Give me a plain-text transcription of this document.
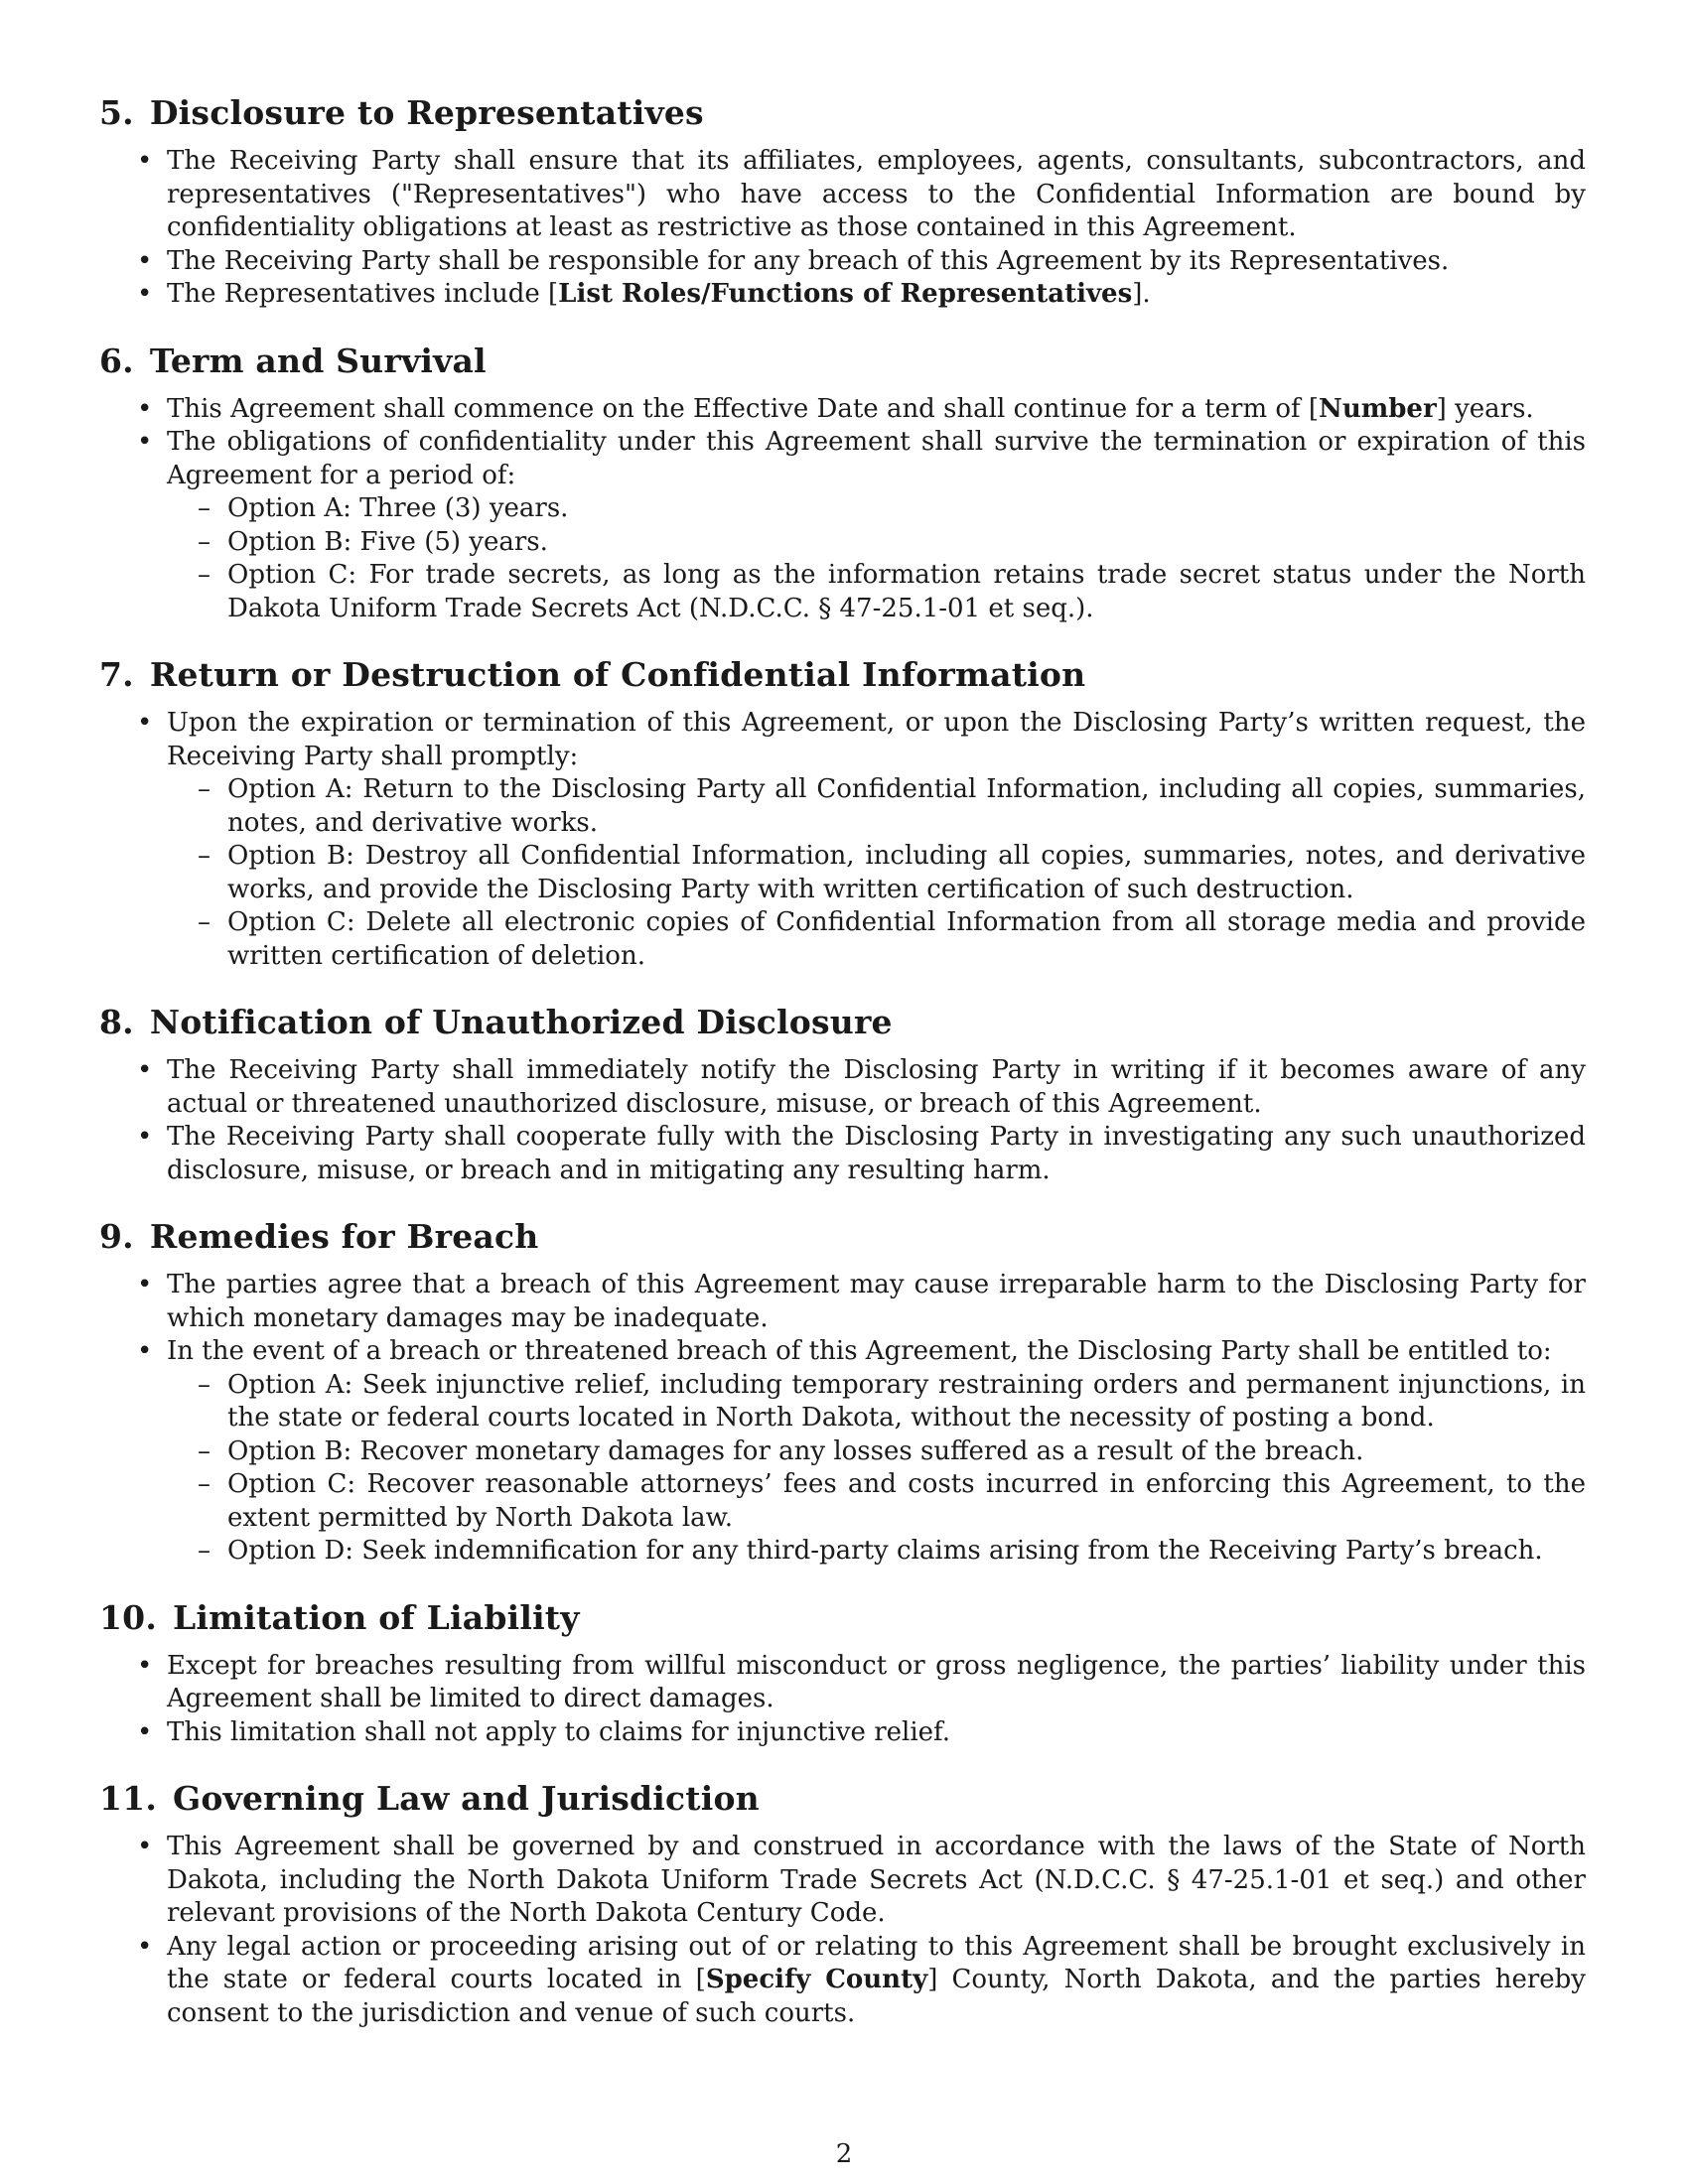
5. Disclosure to Representatives
• The Receiving Party shall ensure that its affiliates, employees, agents, consultants, subcontractors, and representatives ("Representatives") who have access to the Confidential Information are bound by confidentiality obligations at least as restrictive as those contained in this Agreement.
• The Receiving Party shall be responsible for any breach of this Agreement by its Representatives.
• The Representatives include [List Roles/Functions of Representatives].
6. Term and Survival
• This Agreement shall commence on the Effective Date and shall continue for a term of [Number] years.
• The obligations of confidentiality under this Agreement shall survive the termination or expiration of this Agreement for a period of:
– Option A: Three (3) years.
– Option B: Five (5) years.
– Option C: For trade secrets, as long as the information retains trade secret status under the North Dakota Uniform Trade Secrets Act (N.D.C.C. § 47-25.1-01 et seq.).
7. Return or Destruction of Confidential Information
• Upon the expiration or termination of this Agreement, or upon the Disclosing Party’s written request, the Receiving Party shall promptly:
– Option A: Return to the Disclosing Party all Confidential Information, including all copies, summaries, notes, and derivative works.
– Option B: Destroy all Confidential Information, including all copies, summaries, notes, and derivative works, and provide the Disclosing Party with written certification of such destruction.
– Option C: Delete all electronic copies of Confidential Information from all storage media and provide written certification of deletion.
8. Notification of Unauthorized Disclosure
• The Receiving Party shall immediately notify the Disclosing Party in writing if it becomes aware of any actual or threatened unauthorized disclosure, misuse, or breach of this Agreement.
• The Receiving Party shall cooperate fully with the Disclosing Party in investigating any such unauthorized disclosure, misuse, or breach and in mitigating any resulting harm.
9. Remedies for Breach
• The parties agree that a breach of this Agreement may cause irreparable harm to the Disclosing Party for which monetary damages may be inadequate.
• In the event of a breach or threatened breach of this Agreement, the Disclosing Party shall be entitled to:
– Option A: Seek injunctive relief, including temporary restraining orders and permanent injunctions, in the state or federal courts located in North Dakota, without the necessity of posting a bond.
– Option B: Recover monetary damages for any losses suffered as a result of the breach.
– Option C: Recover reasonable attorneys’ fees and costs incurred in enforcing this Agreement, to the extent permitted by North Dakota law.
– Option D: Seek indemnification for any third-party claims arising from the Receiving Party’s breach.
10. Limitation of Liability
• Except for breaches resulting from willful misconduct or gross negligence, the parties’ liability under this Agreement shall be limited to direct damages.
• This limitation shall not apply to claims for injunctive relief.
11. Governing Law and Jurisdiction
• This Agreement shall be governed by and construed in accordance with the laws of the State of North Dakota, including the North Dakota Uniform Trade Secrets Act (N.D.C.C. § 47-25.1-01 et seq.) and other relevant provisions of the North Dakota Century Code.
• Any legal action or proceeding arising out of or relating to this Agreement shall be brought exclusively in the state or federal courts located in [Specify County] County, North Dakota, and the parties hereby consent to the jurisdiction and venue of such courts.
2
